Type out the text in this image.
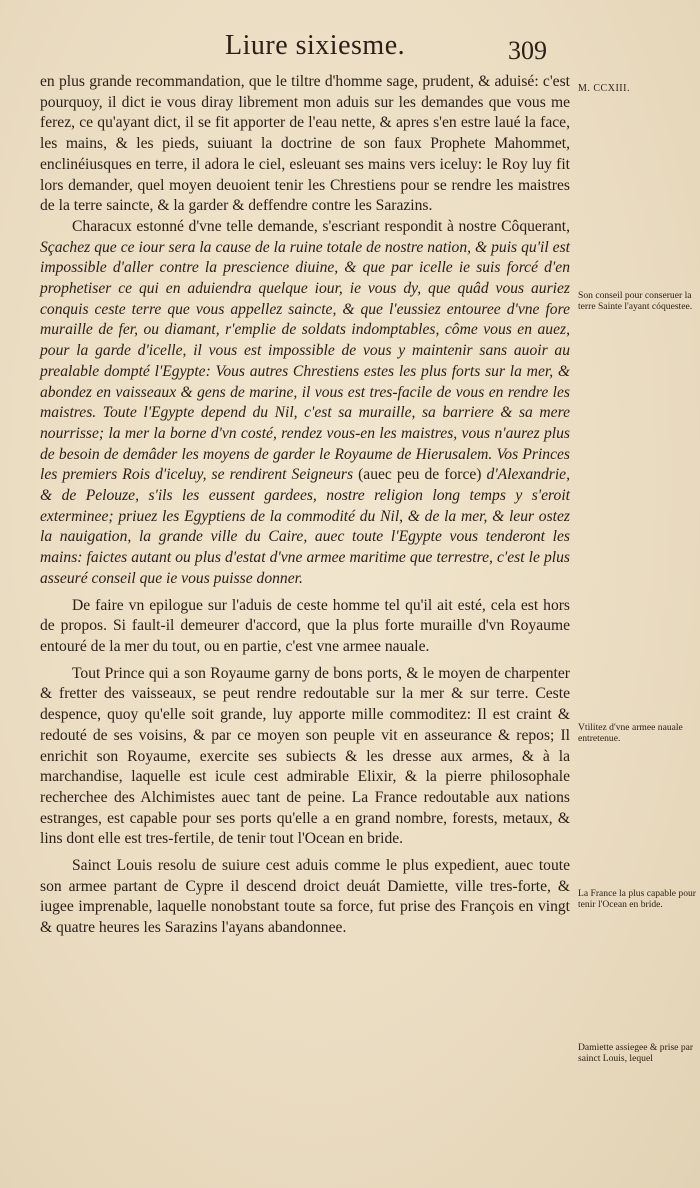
Liure sixiesme.	309
M. CCXIII.

en plus grande recommandation, que le tiltre d'homme sage, prudent, & aduisé: c'est pourquoy, il dict ie vous diray librement mon aduis sur les demandes que vous me ferez, ce qu'ayant dict, il se fit apporter de l'eau nette, & apres s'en estre laué la face, les mains, & les pieds, suiuant la doctrine de son faux Prophete Mahommet, enclinéiusques en terre, il adora le ciel, esleuant ses mains vers iceluy: le Roy luy fit lors demander, quel moyen deuoient tenir les Chrestiens pour se rendre les maistres de la terre saincte, & la garder & deffendre contre les Sarazins.

Characux estonné d'vne telle demande, s'escriant respondit à nostre Côquerant, Sçachez que ce iour sera la cause de la ruine totale de nostre nation, & puis qu'il est impossible d'aller contre la prescience diuine, & que par icelle ie suis forcé d'en prophetiser ce qui en aduiendra quelque iour, ie vous dy, que quâd vous auriez conquis ceste terre que vous appellez saincte, & que l'eussiez entouree d'vne fore muraille de fer, ou diamant, r'emplie de soldats indomptables, côme vous en auez, pour la garde d'icelle, il vous est impossible de vous y maintenir sans auoir au prealable dompté l'Egypte: Vous autres Chrestiens estes les plus forts sur la mer, & abondez en vaisseaux & gens de marine, il vous est tres-facile de vous en rendre les maistres. Toute l'Egypte depend du Nil, c'est sa muraille, sa barriere & sa mere nourrisse; la mer la borne d'vn costé, rendez vous-en les maistres, vous n'aurez plus de besoin de demâder les moyens de garder le Royaume de Hierusalem. Vos Princes les premiers Rois d'iceluy, se rendirent Seigneurs (auec peu de force) d'Alexandrie, & de Pelouze, s'ils les eussent gardees, nostre religion long temps y s'eroit exterminee; priuez les Egyptiens de la commodité du Nil, & de la mer, & leur ostez la nauigation, la grande ville du Caire, auec toute l'Egypte vous tenderont les mains: faictes autant ou plus d'estat d'vne armee maritime que terrestre, c'est le plus asseuré conseil que ie vous puisse donner.

De faire vn epilogue sur l'aduis de ceste homme tel qu'il ait esté, cela est hors de propos. Si fault-il demeurer d'accord, que la plus forte muraille d'vn Royaume entouré de la mer du tout, ou en partie, c'est vne armee nauale.

Tout Prince qui a son Royaume garny de bons ports, & le moyen de charpenter & fretter des vaisseaux, se peut rendre redoutable sur la mer & sur terre. Ceste despence, quoy qu'elle soit grande, luy apporte mille commoditez: Il est craint & redouté de ses voisins, & par ce moyen son peuple vit en asseurance & repos; Il enrichit son Royaume, exercite ses subiects & les dresse aux armes, & à la marchandise, laquelle est icule cest admirable Elixir, & la pierre philosophale recherchee des Alchimistes auec tant de peine. La France redoutable aux nations estranges, est capable pour ses ports qu'elle a en grand nombre, forests, metaux, & lins dont elle est tres-fertile, de tenir tout l'Ocean en bride.

Sainct Louis resolu de suiure cest aduis comme le plus expedient, auec toute son armee partant de Cypre il descend droict deuát Damiette, ville tres-forte, & iugee imprenable, laquelle nonobstant toute sa force, fut prise des François en vingt & quatre heures les Sarazins l'ayans abandonnee.

Son conseil pour conseruer la terre Sainte l'ayant cóquestee.
Vtilitez d'vne armee nauale entretenue.
La France la plus capable pour tenir l'Ocean en bride.
Damiette assiegee & prise par sainct Louis, lequel
